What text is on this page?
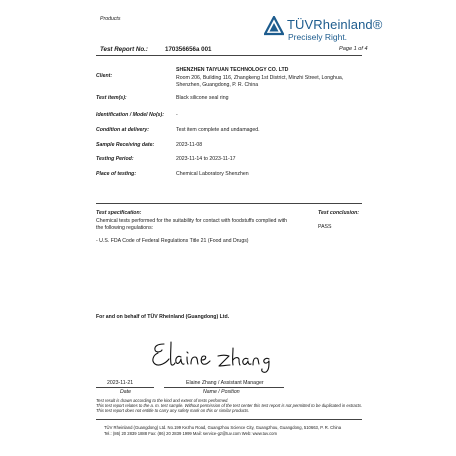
Products	TÜVRheinland®
Precisely Right.
Test Report No.:	170356656a 001	Page 1 of 4
Client:
SHENZHEN TAIYUAN TECHNOLOGY CO. LTD
Room 206, Building 116, Zhangkeng 1st District, Minzhi Street, Longhua,
Shenzhen, Guangdong, P. R. China
Test item(s):	Black silicone seal ring
Identification / Model No(s): -
Condition at delivery:	Test item complete and undamaged.
Sample Receiving date:	2023-11-08
Testing Period:	2023-11-14 to 2023-11-17
Place of testing:	Chemical Laboratory Shenzhen
Test specification:
Chemical tests performed for the suitability for contact with foodstuffs complied with
the following regulations:
- U.S. FDA Code of Federal Regulations Title 21 (Food and Drugs)
Test conclusion:
PASS
For and on behalf of TÜV Rheinland (Guangdong) Ltd.
2023-11-21
Date
Elaine Zhang / Assistant Manager
Name / Position
Test result is drawn according to the kind and extent of tests performed.
This test report relates to the a. m. test sample. Without permission of the test center this test report is not permitted to be duplicated in extracts. This test report does not entitle to carry any safety mark on this or similar products.
TÜV Rheinland (Guangdong) Ltd. No.199 Kezhu Road, Guangzhou Science City, Guangzhou, Guangdong, 510663, P. R. China
Tel.: (86) 20 2839 1888 Fax: (86) 20 2839 1999 Mail: service-gz@tuv.com Web: www.tuv.com
